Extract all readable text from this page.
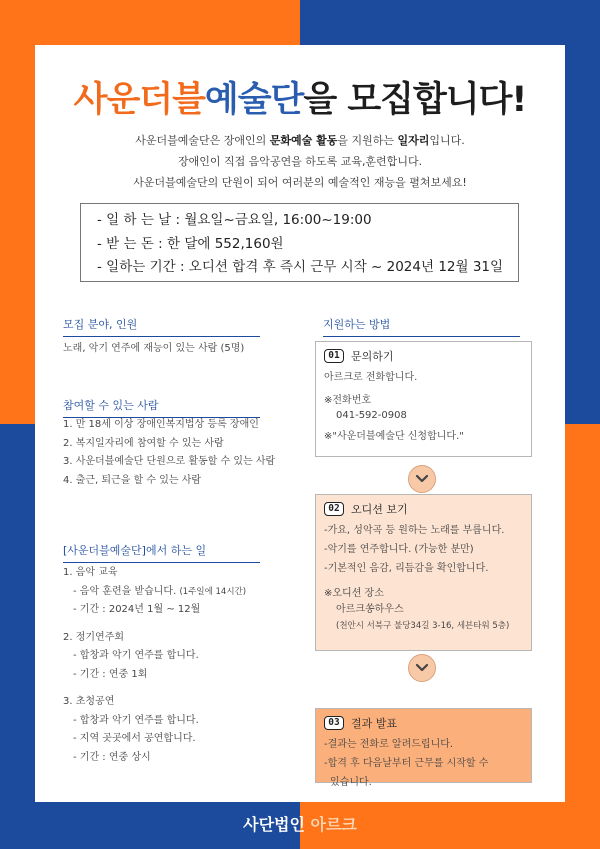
사운더블예술단을 모집합니다!
사운더블예술단은 장애인의 문화예술 활동을 지원하는 일자리입니다.
장애인이 직접 음악공연을 하도록 교육,훈련합니다.
사운더블예술단의 단원이 되어 여러분의 예술적인 재능을 펼쳐보세요!
- 일 하 는 날 : 월요일~금요일, 16:00~19:00
- 받 는 돈 : 한 달에 552,160원
- 일하는 기간 : 오디션 합격 후 즉시 근무 시작 ~ 2024년 12월 31일
모집 분야, 인원
노래, 악기 연주에 재능이 있는 사람 (5명)
참여할 수 있는 사람
1. 만 18세 이상 장애인복지법상 등록 장애인
2. 복지일자리에 참여할 수 있는 사람
3. 사운더블예술단 단원으로 활동할 수 있는 사람
4. 출근, 퇴근을 할 수 있는 사람
[사운더블예술단]에서 하는 일
1. 음악 교육
- 음악 훈련을 받습니다. (1주일에 14시간)
- 기간 : 2024년 1월 ~ 12월
2. 정기연주회
- 합창과 악기 연주를 합니다.
- 기간 : 연중 1회
3. 초청공연
- 합창과 악기 연주를 합니다.
- 지역 곳곳에서 공연합니다.
- 기간 : 연중 상시
지원하는 방법
01	문의하기
아르크로 전화합니다.
※전화번호
041-592-0908
※"사운더블예술단 신청합니다."
02	오디션 보기
-가요, 성악곡 등 원하는 노래를 부릅니다.
-악기를 연주합니다. (가능한 분만)
-기본적인 음감, 리듬감을 확인합니다.
※오디션 장소
아르크쏭하우스
(천안시 서북구 불당34길 3-16, 세븐타워 5층)
03	결과 발표
-결과는 전화로 알려드립니다.
-합격 후 다음날부터 근무를 시작할 수
있습니다.
사단법인 아르크
